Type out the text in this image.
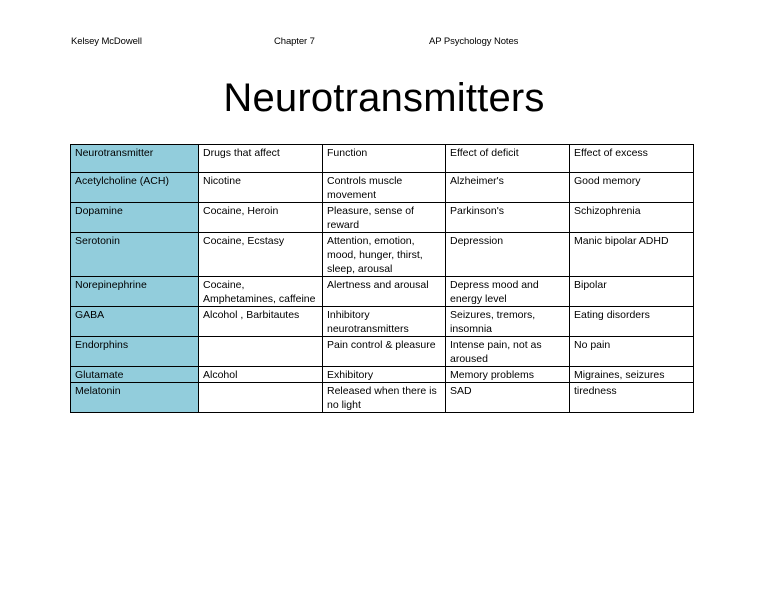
Kelsey McDowell	Chapter 7	AP Psychology Notes
Neurotransmitters
Neurotransmitter	Drugs that affect	Function	Effect of deficit	Effect of excess
Acetylcholine (ACH)	Nicotine	Controls muscle movement	Alzheimer's	Good memory
Dopamine	Cocaine, Heroin	Pleasure, sense of reward	Parkinson's	Schizophrenia
Serotonin	Cocaine, Ecstasy	Attention, emotion, mood, hunger, thirst, sleep, arousal	Depression	Manic bipolar ADHD
Norepinephrine	Cocaine, Amphetamines, caffeine	Alertness and arousal	Depress mood and energy level	Bipolar
GABA	Alcohol , Barbitautes	Inhibitory neurotransmitters	Seizures, tremors, insomnia	Eating disorders
Endorphins		Pain control & pleasure	Intense pain, not as aroused	No pain
Glutamate	Alcohol	Exhibitory	Memory problems	Migraines, seizures
Melatonin		Released when there is no light	SAD	tiredness
